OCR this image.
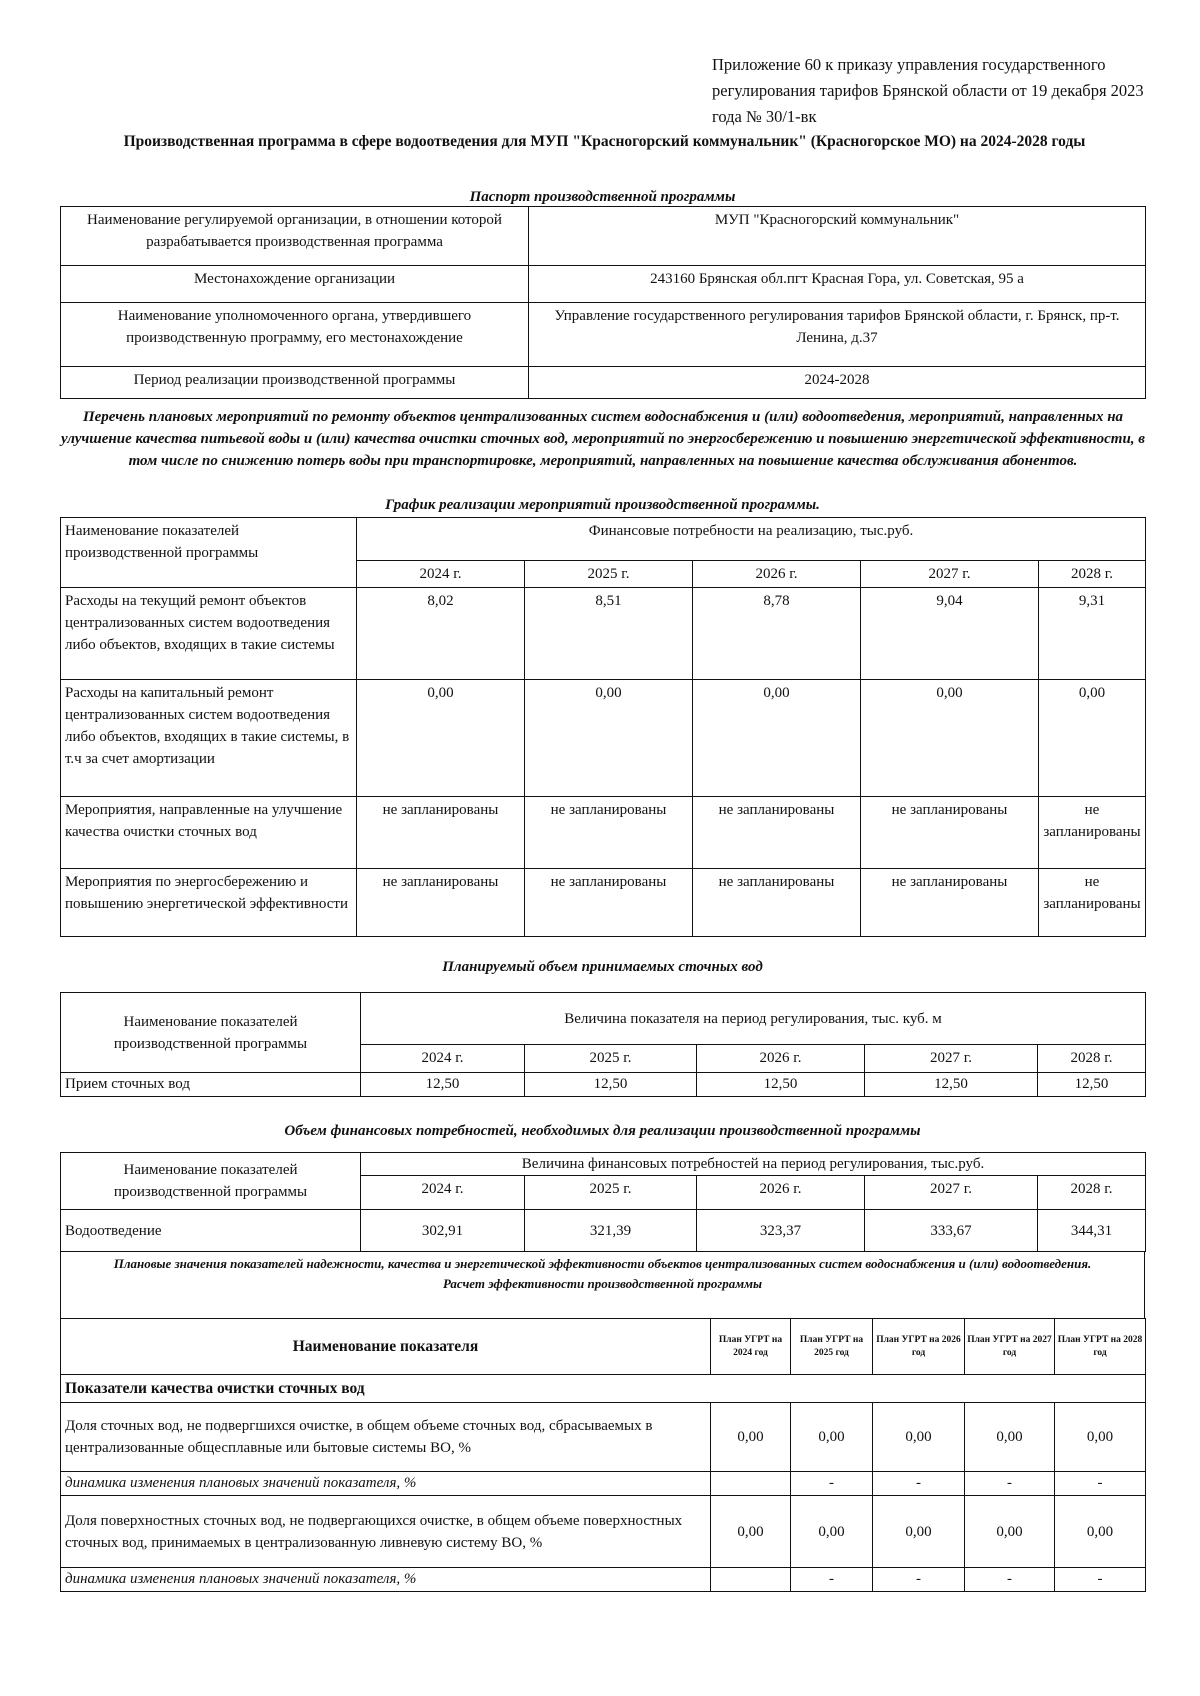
Приложение 60 к приказу управления государственного регулирования тарифов Брянской области от 19 декабря 2023 года № 30/1-вк
Производственная программа в сфере водоотведения для МУП "Красногорский коммунальник" (Красногорское МО) на 2024-2028 годы
Паспорт производственной программы
Наименование регулируемой организации, в отношении которой разрабатывается производственная программа	МУП "Красногорский коммунальник"
Местонахождение организации	243160 Брянская обл.пгт Красная Гора, ул. Советская, 95 а
Наименование уполномоченного органа, утвердившего производственную программу, его местонахождение	Управление государственного регулирования тарифов Брянской области, г. Брянск, пр-т. Ленина, д.37
Период реализации производственной программы	2024-2028
Перечень плановых мероприятий по ремонту объектов централизованных систем водоснабжения и (или) водоотведения, мероприятий, направленных на улучшение качества питьевой воды и (или) качества очистки сточных вод, мероприятий по энергосбережению и повышению энергетической эффективности, в том числе по снижению потерь воды при транспортировке, мероприятий, направленных на повышение качества обслуживания абонентов.
График реализации мероприятий производственной программы.
Наименование показателей производственной программы	Финансовые потребности на реализацию, тыс.руб.				
	2024 г.	2025 г.	2026 г.	2027 г.	2028 г.
Расходы на текущий ремонт объектов централизованных систем водоотведения либо объектов, входящих в такие системы	8,02	8,51	8,78	9,04	9,31
Расходы на капитальный ремонт централизованных систем водоотведения либо объектов, входящих в такие системы, в т.ч за счет амортизации	0,00	0,00	0,00	0,00	0,00
Мероприятия, направленные на улучшение качества очистки сточных вод	не запланированы	не запланированы	не запланированы	не запланированы	не запланированы
Мероприятия по энергосбережению и повышению энергетической эффективности	не запланированы	не запланированы	не запланированы	не запланированы	не запланированы
Планируемый объем принимаемых сточных вод
Наименование показателей производственной программы	Величина показателя на период регулирования, тыс. куб. м				
	2024 г.	2025 г.	2026 г.	2027 г.	2028 г.
Прием сточных вод	12,50	12,50	12,50	12,50	12,50
Объем финансовых потребностей, необходимых для реализации производственной программы
Наименование показателей производственной программы	Величина финансовых потребностей на период регулирования, тыс.руб.				
	2024 г.	2025 г.	2026 г.	2027 г.	2028 г.
Водоотведение	302,91	321,39	323,37	333,67	344,31
Плановые значения показателей надежности, качества и энергетической эффективности объектов централизованных систем водоснабжения и (или) водоотведения.
Расчет эффективности производственной программы
Наименование показателя	План УГРТ на 2024 год	План УГРТ на 2025 год	План УГРТ на 2026 год	План УГРТ на 2027 год	План УГРТ на 2028 год
Показатели качества очистки сточных вод					
Доля сточных вод, не подвергшихся очистке, в общем объеме сточных вод, сбрасываемых в централизованные общесплавные или бытовые системы ВО, %	0,00	0,00	0,00	0,00	0,00
динамика изменения плановых значений показателя, %		-	-	-	-
Доля поверхностных сточных вод, не подвергающихся очистке, в общем объеме поверхностных сточных вод, принимаемых в централизованную ливневую систему ВО, %	0,00	0,00	0,00	0,00	0,00
динамика изменения плановых значений показателя, %		-	-	-	-
